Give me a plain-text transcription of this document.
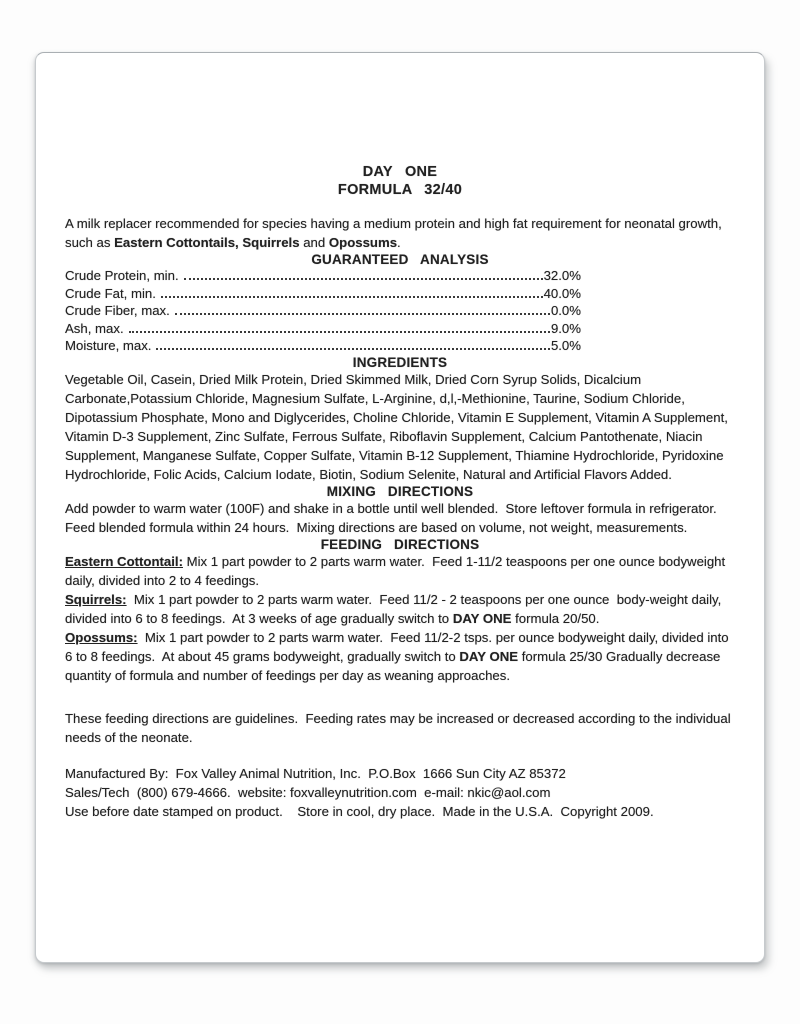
DAY ONE
FORMULA 32/40

A milk replacer recommended for species having a medium protein and high fat requirement for neonatal growth, such as Eastern Cottontails, Squirrels and Opossums.

GUARANTEED ANALYSIS
Crude Protein, min.	32.0%
Crude Fat, min.	40.0%
Crude Fiber, max.	0.0%
Ash, max.	9.0%
Moisture, max.	5.0%
INGREDIENTS

Vegetable Oil, Casein, Dried Milk Protein, Dried Skimmed Milk, Dried Corn Syrup Solids, Dicalcium Carbonate,Potassium Chloride, Magnesium Sulfate, L-Arginine, d,l,-Methionine, Taurine, Sodium Chloride, Dipotassium Phosphate, Mono and Diglycerides, Choline Chloride, Vitamin E Supplement, Vitamin A Supplement, Vitamin D-3 Supplement, Zinc Sulfate, Ferrous Sulfate, Riboflavin Supplement, Calcium Pantothenate, Niacin Supplement, Manganese Sulfate, Copper Sulfate, Vitamin B-12 Supplement, Thiamine Hydrochloride, Pyridoxine Hydrochloride, Folic Acids, Calcium Iodate, Biotin, Sodium Selenite, Natural and Artificial Flavors Added.

MIXING DIRECTIONS

Add powder to warm water (100F) and shake in a bottle until well blended.  Store leftover formula in refrigerator.  Feed blended formula within 24 hours.  Mixing directions are based on volume, not weight, measurements.

FEEDING DIRECTIONS

Eastern Cottontail: Mix 1 part powder to 2 parts warm water.  Feed 1-11/2 teaspoons per one ounce bodyweight daily, divided into 2 to 4 feedings.

Squirrels:  Mix 1 part powder to 2 parts warm water.  Feed 11/2 - 2 teaspoons per one ounce  body-weight daily, divided into 6 to 8 feedings.  At 3 weeks of age gradually switch to DAY ONE formula 20/50.

Opossums:  Mix 1 part powder to 2 parts warm water.  Feed 11/2-2 tsps. per ounce bodyweight daily, divided into 6 to 8 feedings.  At about 45 grams bodyweight, gradually switch to DAY ONE formula 25/30 Gradually decrease quantity of formula and number of feedings per day as weaning approaches.

These feeding directions are guidelines.  Feeding rates may be increased or decreased according to the individual needs of the neonate.

Manufactured By:  Fox Valley Animal Nutrition, Inc.  P.O.Box  1666 Sun City AZ 85372

Sales/Tech  (800) 679-4666.  website: foxvalleynutrition.com  e-mail: nkic@aol.com

Use before date stamped on product.    Store in cool, dry place.  Made in the U.S.A.  Copyright 2009.
